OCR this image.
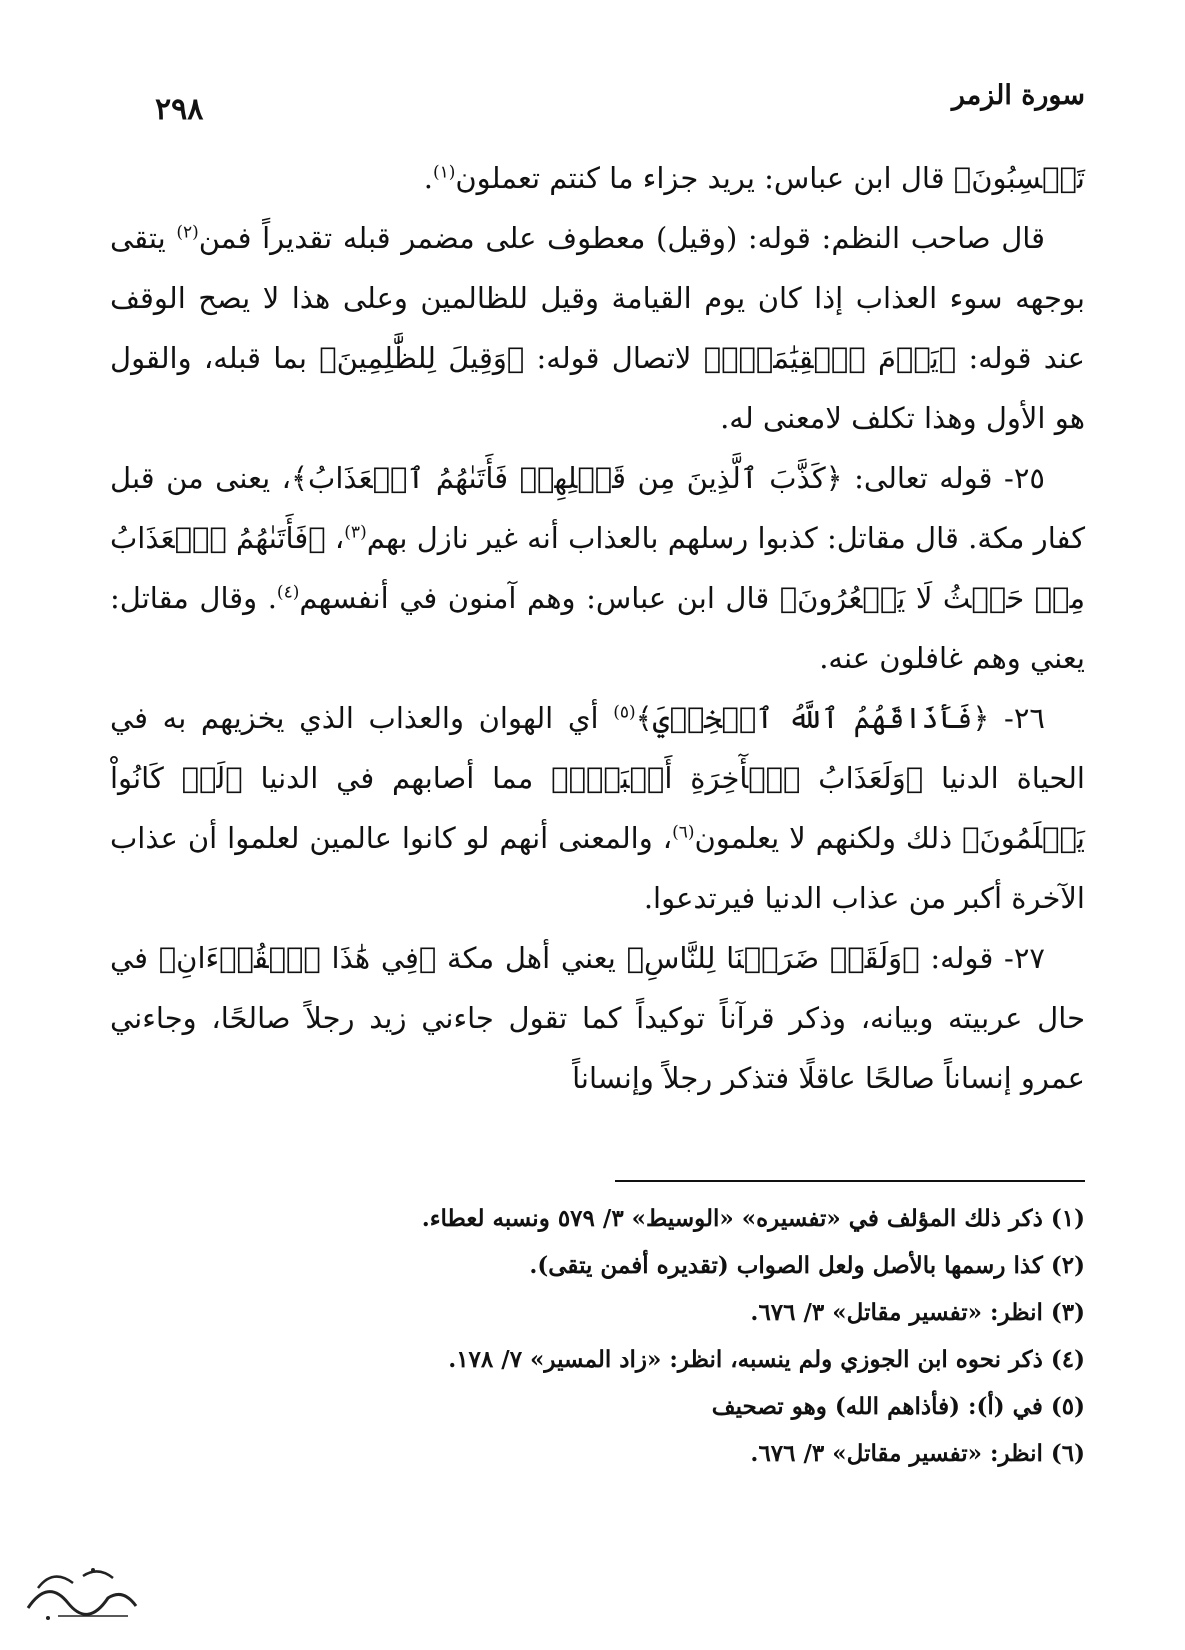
سورة الزمر
٢٩٨

تَكۡسِبُونَ﴾ قال ابن عباس: يريد جزاء ما كنتم تعملون$^{(١)}$.

قال صاحب النظم: قوله: (وقيل) معطوف على مضمر قبله تقديراً فمن$^{(٢)}$ يتقى بوجهه سوء العذاب إذا كان يوم القيامة وقيل للظالمين وعلى هذا لا يصح الوقف عند قوله: ﴿يَوۡمَ ٱلۡقِيَٰمَةِۚ﴾ لاتصال قوله: ﴿وَقِيلَ لِلظَّٰلِمِينَ﴾ بما قبله، والقول هو الأول وهذا تكلف لامعنى له.

٢٥- قوله تعالى: ﴿كَذَّبَ ٱلَّذِينَ مِن قَبۡلِهِمۡ فَأَتَىٰهُمُ ٱلۡعَذَابُ﴾، يعنى من قبل كفار مكة. قال مقاتل: كذبوا رسلهم بالعذاب أنه غير نازل بهم$^{(٣)}$، ﴿فَأَتَىٰهُمُ ٱلۡعَذَابُ مِنۡ حَيۡثُ لَا يَشۡعُرُونَ﴾ قال ابن عباس: وهم آمنون في أنفسهم$^{(٤)}$. وقال مقاتل: يعني وهم غافلون عنه.

٢٦- ﴿فَأَذَاقَهُمُ ٱللَّهُ ٱلۡخِزۡيَ﴾$^{(٥)}$ أي الهوان والعذاب الذي يخزيهم به في الحياة الدنيا ﴿وَلَعَذَابُ ٱلۡأٓخِرَةِ أَكۡبَرُۚ﴾ مما أصابهم في الدنيا ﴿لَوۡ كَانُواْ يَعۡلَمُونَ﴾ ذلك ولكنهم لا يعلمون$^{(٦)}$، والمعنى أنهم لو كانوا عالمين لعلموا أن عذاب الآخرة أكبر من عذاب الدنيا فيرتدعوا.

٢٧- قوله: ﴿وَلَقَدۡ ضَرَبۡنَا لِلنَّاسِ﴾ يعني أهل مكة ﴿فِي هَٰذَا ٱلۡقُرۡءَانِ﴾ في حال عربيته وبيانه، وذكر قرآناً توكيداً كما تقول جاءني زيد رجلاً صالحًا، وجاءني عمرو إنساناً صالحًا عاقلًا فتذكر رجلاً وإنساناً

(١) ذكر ذلك المؤلف في «تفسيره» «الوسيط» ٣/ ٥٧٩ ونسبه لعطاء.

(٢) كذا رسمها بالأصل ولعل الصواب (تقديره أفمن يتقى).

(٣) انظر: «تفسير مقاتل» ٣/ ٦٧٦.

(٤) ذكر نحوه ابن الجوزي ولم ينسبه، انظر: «زاد المسير» ٧/ ١٧٨.

(٥) في (أ): (فأذاهم الله) وهو تصحيف

(٦) انظر: «تفسير مقاتل» ٣/ ٦٧٦.
